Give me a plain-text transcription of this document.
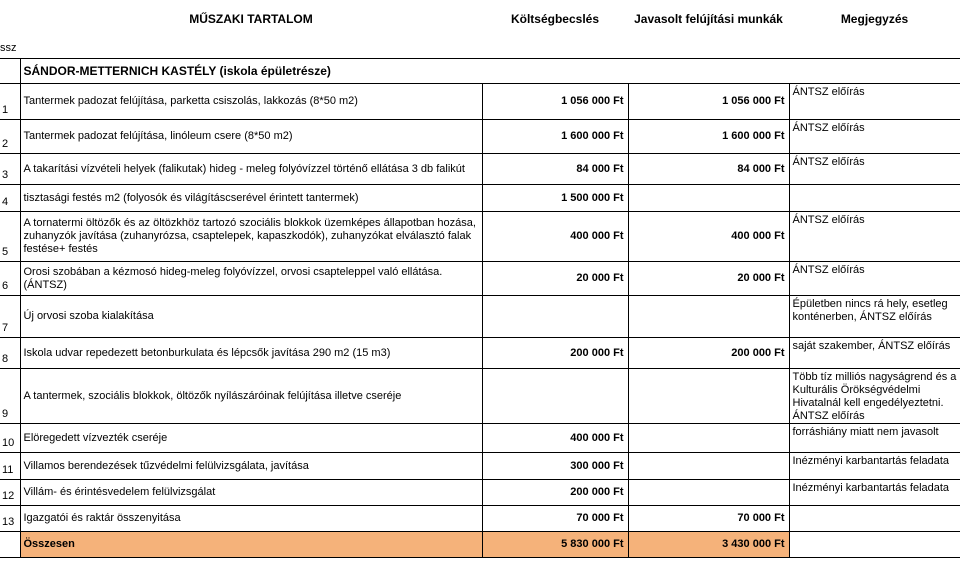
	MŰSZAKI TARTALOM	Költségbecslés	Javasolt felújítási munkák	Megjegyzés
ssz				
	SÁNDOR-METTERNICH KASTÉLY (iskola épületrésze)			
1	Tantermek padozat felújítása, parketta csiszolás, lakkozás (8*50 m2)	1 056 000 Ft	1 056 000 Ft	ÁNTSZ előírás
2	Tantermek padozat felújítása, linóleum csere (8*50 m2)	1 600 000 Ft	1 600 000 Ft	ÁNTSZ előírás
3	A takarítási vízvételi helyek (falikutak) hideg - meleg folyóvízzel történő ellátása 3 db falikút	84 000 Ft	84 000 Ft	ÁNTSZ előírás
4	tisztasági festés m2 (folyosók és világításcserével érintett tantermek)	1 500 000 Ft		
5	A tornatermi öltözők és az öltözkhöz tartozó szociális blokkok üzemképes állapotban hozása, zuhanyzók javítása (zuhanyrózsa, csaptelepek, kapaszkodók), zuhanyzókat elválasztó falak festése+ festés	400 000 Ft	400 000 Ft	ÁNTSZ előírás
6	Orosi szobában a kézmosó hideg-meleg folyóvízzel, orvosi csapteleppel való ellátása. (ÁNTSZ)	20 000 Ft	20 000 Ft	ÁNTSZ előírás
7	Új orvosi szoba kialakítása			Épületben nincs rá hely, esetleg konténerben, ÁNTSZ előírás
8	Iskola udvar repedezett betonburkulata és lépcsők javítása 290 m2 (15 m3)	200 000 Ft	200 000 Ft	saját szakember, ÁNTSZ előírás
9	A tantermek, szociális blokkok, öltözők nyílászáróinak felújítása illetve cseréje			Több tíz milliós nagyságrend és a Kulturális Örökségvédelmi Hivatalnál kell engedélyeztetni. ÁNTSZ előírás
10	Elöregedett vízvezték cseréje	400 000 Ft		forráshiány miatt nem javasolt
11	Villamos berendezések tűzvédelmi felülvizsgálata, javítása	300 000 Ft		Inézményi karbantartás feladata
12	Villám- és érintésvedelem felülvizsgálat	200 000 Ft		Inézményi karbantartás feladata
13	Igazgatói és raktár összenyitása	70 000 Ft	70 000 Ft	
	Összesen	5 830 000 Ft	3 430 000 Ft	
